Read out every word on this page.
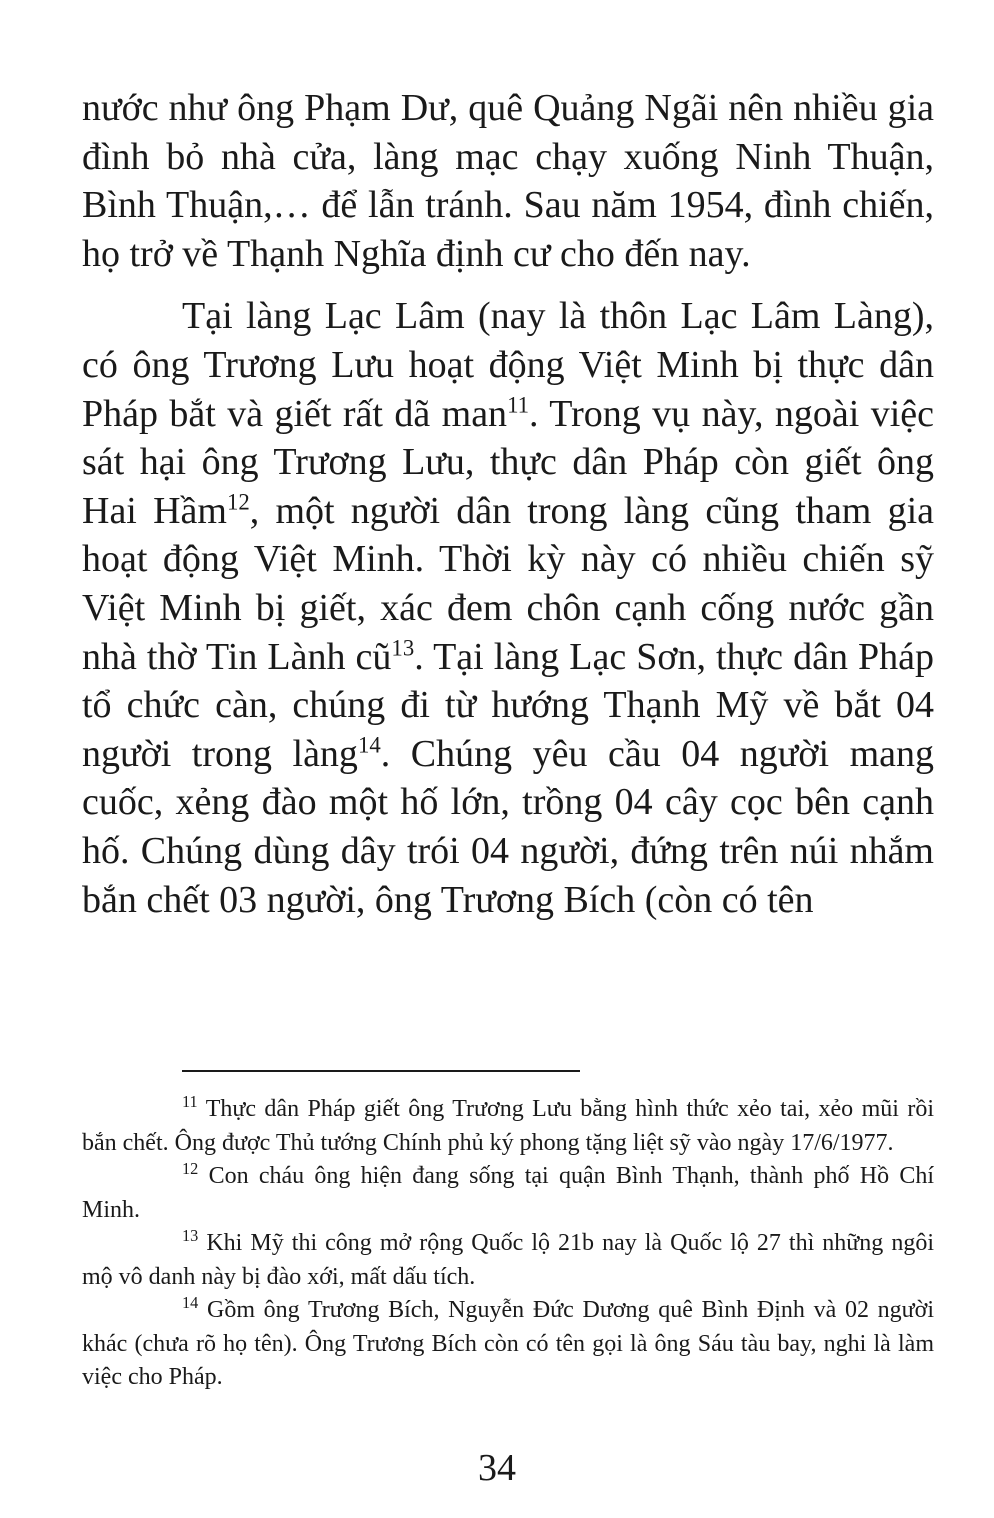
nước như ông Phạm Dư, quê Quảng Ngãi nên nhiều gia đình bỏ nhà cửa, làng mạc chạy xuống Ninh Thuận, Bình Thuận,… để lẫn tránh. Sau năm 1954, đình chiến, họ trở về Thạnh Nghĩa định cư cho đến nay.

Tại làng Lạc Lâm (nay là thôn Lạc Lâm Làng), có ông Trương Lưu hoạt động Việt Minh bị thực dân Pháp bắt và giết rất dã man$^{11}$. Trong vụ này, ngoài việc sát hại ông Trương Lưu, thực dân Pháp còn giết ông Hai Hầm$^{12}$, một người dân trong làng cũng tham gia hoạt động Việt Minh. Thời kỳ này có nhiều chiến sỹ Việt Minh bị giết, xác đem chôn cạnh cống nước gần nhà thờ Tin Lành $cũ^{13}$. Tại làng Lạc Sơn, thực dân Pháp tổ chức càn, chúng đi từ hướng Thạnh Mỹ về bắt 04 người trong làng$^{14}$. Chúng yêu cầu 04 người mang cuốc, xẻng đào một hố lớn, trồng 04 cây cọc bên cạnh hố. Chúng dùng dây trói 04 người, đứng trên núi nhắm bắn chết 03 người, ông Trương Bích (còn có tên

$^{11}$ Thực dân Pháp giết ông Trương Lưu bằng hình thức xẻo tai, xẻo mũi rồi bắn chết. Ông được Thủ tướng Chính phủ ký phong tặng liệt sỹ vào ngày 17/6/1977.

$^{12}$ Con cháu ông hiện đang sống tại quận Bình Thạnh, thành phố Hồ Chí Minh.

$^{13}$ Khi Mỹ thi công mở rộng Quốc lộ 21b nay là Quốc lộ 27 thì những ngôi mộ vô danh này bị đào xới, mất dấu tích.

$^{14}$ Gồm ông Trương Bích, Nguyễn Đức Dương quê Bình Định và 02 người khác (chưa rõ họ tên). Ông Trương Bích còn có tên gọi là ông Sáu tàu bay, nghi là làm việc cho Pháp.

34
